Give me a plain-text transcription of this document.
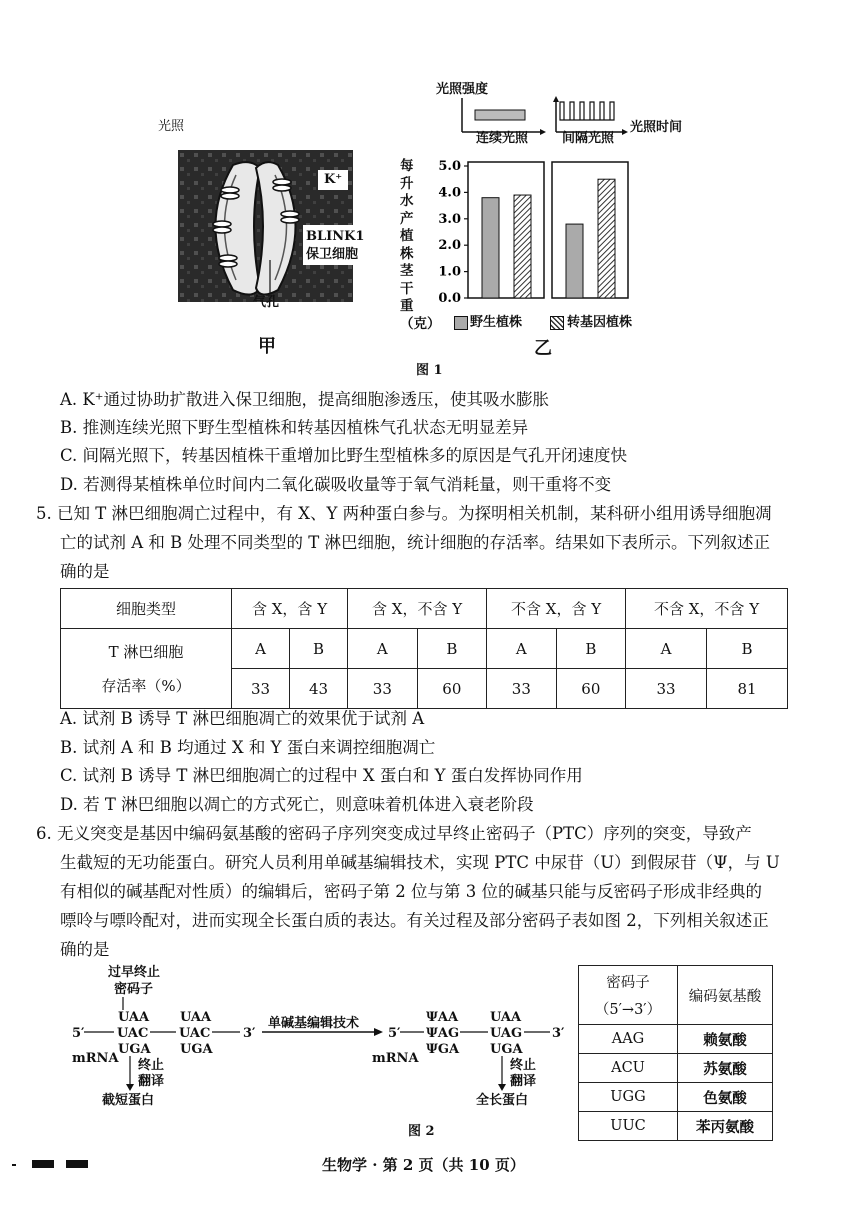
光照
K⁺
BLINK1
保卫细胞
气孔
甲
光照强度
连续光照	间隔光照
光照时间
每升水产植株茎干重（克）
0.0
1.0
2.0
3.0
4.0
5.0
野生植株	转基因植株
乙
图 1
A. K⁺通过协助扩散进入保卫细胞，提高细胞渗透压，使其吸水膨胀
B. 推测连续光照下野生型植株和转基因植株气孔状态无明显差异
C. 间隔光照下，转基因植株干重增加比野生型植株多的原因是气孔开闭速度快
D. 若测得某植株单位时间内二氧化碳吸收量等于氧气消耗量，则干重将不变
5. 已知 T 淋巴细胞凋亡过程中，有 X、Y 两种蛋白参与。为探明相关机制，某科研小组用诱导细胞凋
亡的试剂 A 和 B 处理不同类型的 T 淋巴细胞，统计细胞的存活率。结果如下表所示。下列叙述正
确的是
细胞类型	含 X，含 Y		含 X，不含 Y		不含 X，含 Y		不含 X，不含 Y	

T 淋巴细胞
存活率（%）	A	B	A	B	A	B	A	B
	33	43	33	60	33	60	33	81
A. 试剂 B 诱导 T 淋巴细胞凋亡的效果优于试剂 A
B. 试剂 A 和 B 均通过 X 和 Y 蛋白来调控细胞凋亡
C. 试剂 B 诱导 T 淋巴细胞凋亡的过程中 X 蛋白和 Y 蛋白发挥协同作用
D. 若 T 淋巴细胞以凋亡的方式死亡，则意味着机体进入衰老阶段
6. 无义突变是基因中编码氨基酸的密码子序列突变成过早终止密码子（PTC）序列的突变，导致产
生截短的无功能蛋白。研究人员利用单碱基编辑技术，实现 PTC 中尿苷（U）到假尿苷（Ψ，与 U
有相似的碱基配对性质）的编辑后，密码子第 2 位与第 3 位的碱基只能与反密码子形成非经典的
嘌呤与嘌呤配对，进而实现全长蛋白质的表达。有关过程及部分密码子表如图 2，下列相关叙述正
确的是
过早终止
密码子
UAA UAA
5′	UAC UAC	3′
UGA UGA
mRNA 终止
翻译
截短蛋白
单碱基编辑技术	ΨAA UAA
5′ ΨAG UAG 3′
ΨGA UGA
mRNA	终止
翻译
全长蛋白
图 2
密码子
（5′→3′）	编码氨基酸
AAG	赖氨酸
ACU	苏氨酸
UGG	色氨酸
UUC	苯丙氨酸
生物学 · 第 2 页（共 10 页）
